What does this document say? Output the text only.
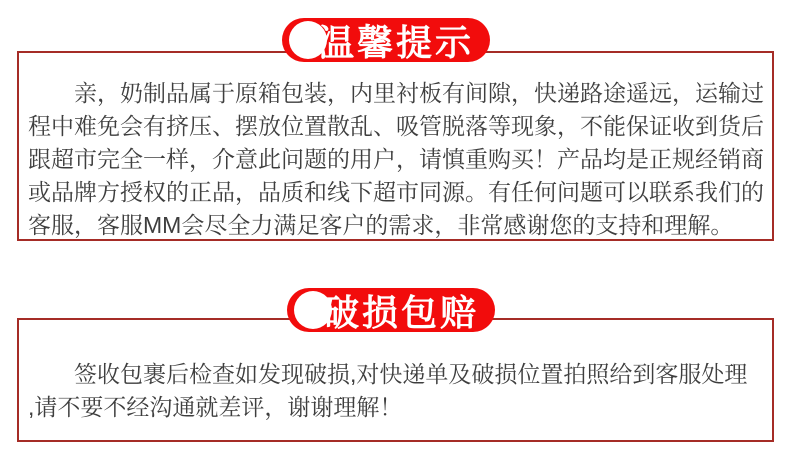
温馨提示
亲，奶制品属于原箱包装，内里衬板有间隙，快递路途遥远，运输过
程中难免会有挤压、摆放位置散乱、吸管脱落等现象，不能保证收到货后
跟超市完全一样，介意此问题的用户，请慎重购买！产品均是正规经销商
或品牌方授权的正品，品质和线下超市同源。有任何问题可以联系我们的
客服，客服MM会尽全力满足客户的需求，非常感谢您的支持和理解。
破损包赔
签收包裹后检查如发现破损,对快递单及破损位置拍照给到客服处理
,请不要不经沟通就差评，谢谢理解！
